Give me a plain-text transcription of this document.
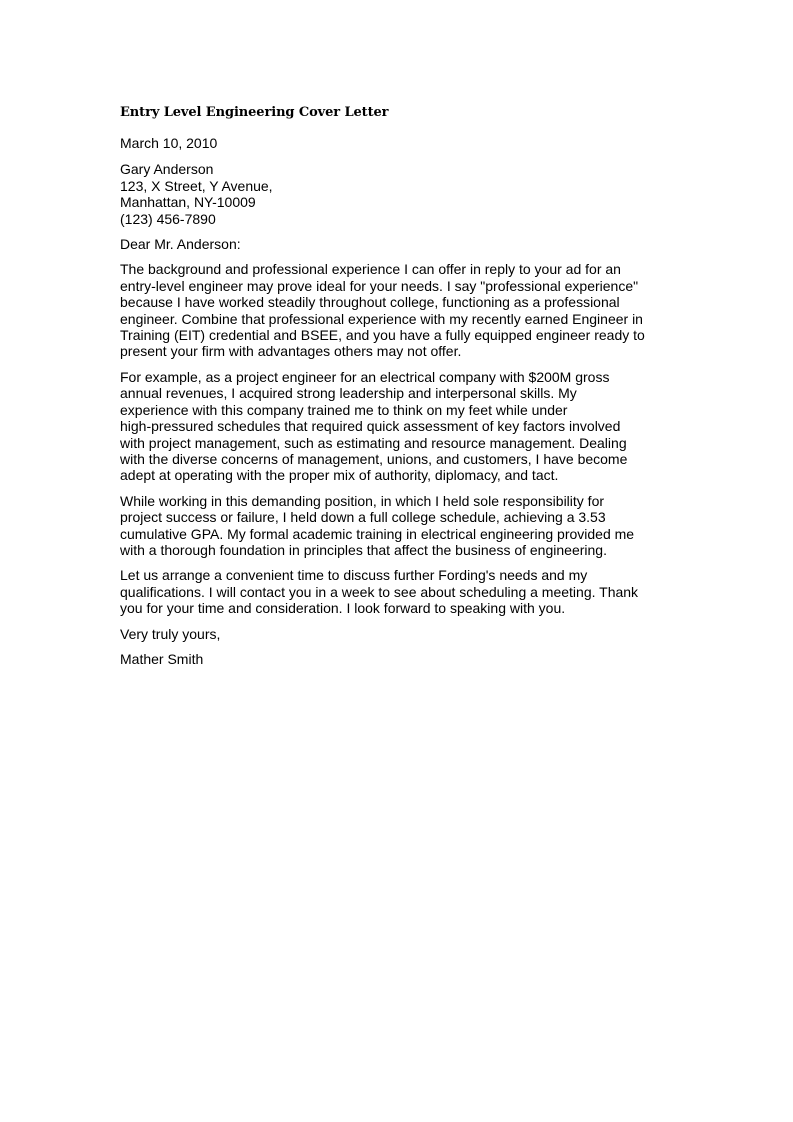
Entry Level Engineering Cover Letter
March 10, 2010
Gary Anderson
123, X Street, Y Avenue,
Manhattan, NY-10009
(123) 456-7890
Dear Mr. Anderson:
The background and professional experience I can offer in reply to your ad for an
entry-level engineer may prove ideal for your needs. I say "professional experience"
because I have worked steadily throughout college, functioning as a professional
engineer. Combine that professional experience with my recently earned Engineer in
Training (EIT) credential and BSEE, and you have a fully equipped engineer ready to
present your firm with advantages others may not offer.
For example, as a project engineer for an electrical company with $200M gross
annual revenues, I acquired strong leadership and interpersonal skills. My
experience with this company trained me to think on my feet while under
high-pressured schedules that required quick assessment of key factors involved
with project management, such as estimating and resource management. Dealing
with the diverse concerns of management, unions, and customers, I have become
adept at operating with the proper mix of authority, diplomacy, and tact.
While working in this demanding position, in which I held sole responsibility for
project success or failure, I held down a full college schedule, achieving a 3.53
cumulative GPA. My formal academic training in electrical engineering provided me
with a thorough foundation in principles that affect the business of engineering.
Let us arrange a convenient time to discuss further Fording's needs and my
qualifications. I will contact you in a week to see about scheduling a meeting. Thank
you for your time and consideration. I look forward to speaking with you.
Very truly yours,
Mather Smith
